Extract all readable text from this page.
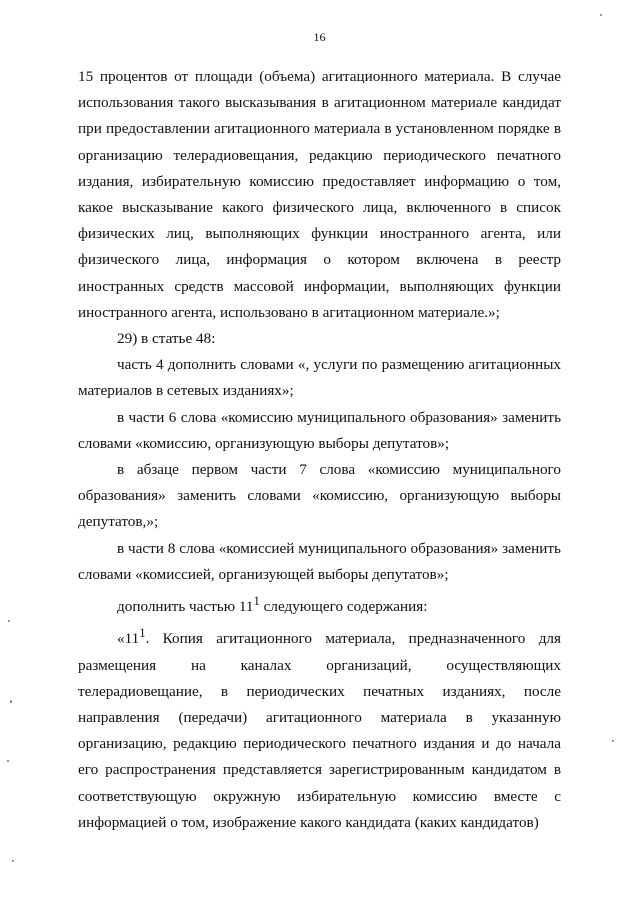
16

15 процентов от площади (объема) агитационного материала. В случае использования такого высказывания в агитационном материале кандидат при предоставлении агитационного материала в установленном порядке в организацию телерадиовещания, редакцию периодического печатного издания, избирательную комиссию предоставляет информацию о том, какое высказывание какого физического лица, включенного в список физических лиц, выполняющих функции иностранного агента, или физического лица, информация о котором включена в реестр иностранных средств массовой информации, выполняющих функции иностранного агента, использовано в агитационном материале.»;

29) в статье 48:

часть 4 дополнить словами «, услуги по размещению агитационных материалов в сетевых изданиях»;

в части 6 слова «комиссию муниципального образования» заменить словами «комиссию, организующую выборы депутатов»;

в абзаце первом части 7 слова «комиссию муниципального образования» заменить словами «комиссию, организующую выборы депутатов,»;

в части 8 слова «комиссией муниципального образования» заменить словами «комиссией, организующей выборы депутатов»;

дополнить частью $11^1$ следующего содержания:

«$11^1$. Копия агитационного материала, предназначенного для размещения на каналах организаций, осуществляющих телерадиовещание, в периодических печатных изданиях, после направления (передачи) агитационного материала в указанную организацию, редакцию периодического печатного издания и до начала его распространения представляется зарегистрированным кандидатом в соответствующую окружную избирательную комиссию вместе с информацией о том, изображение какого кандидата (каких кандидатов)
